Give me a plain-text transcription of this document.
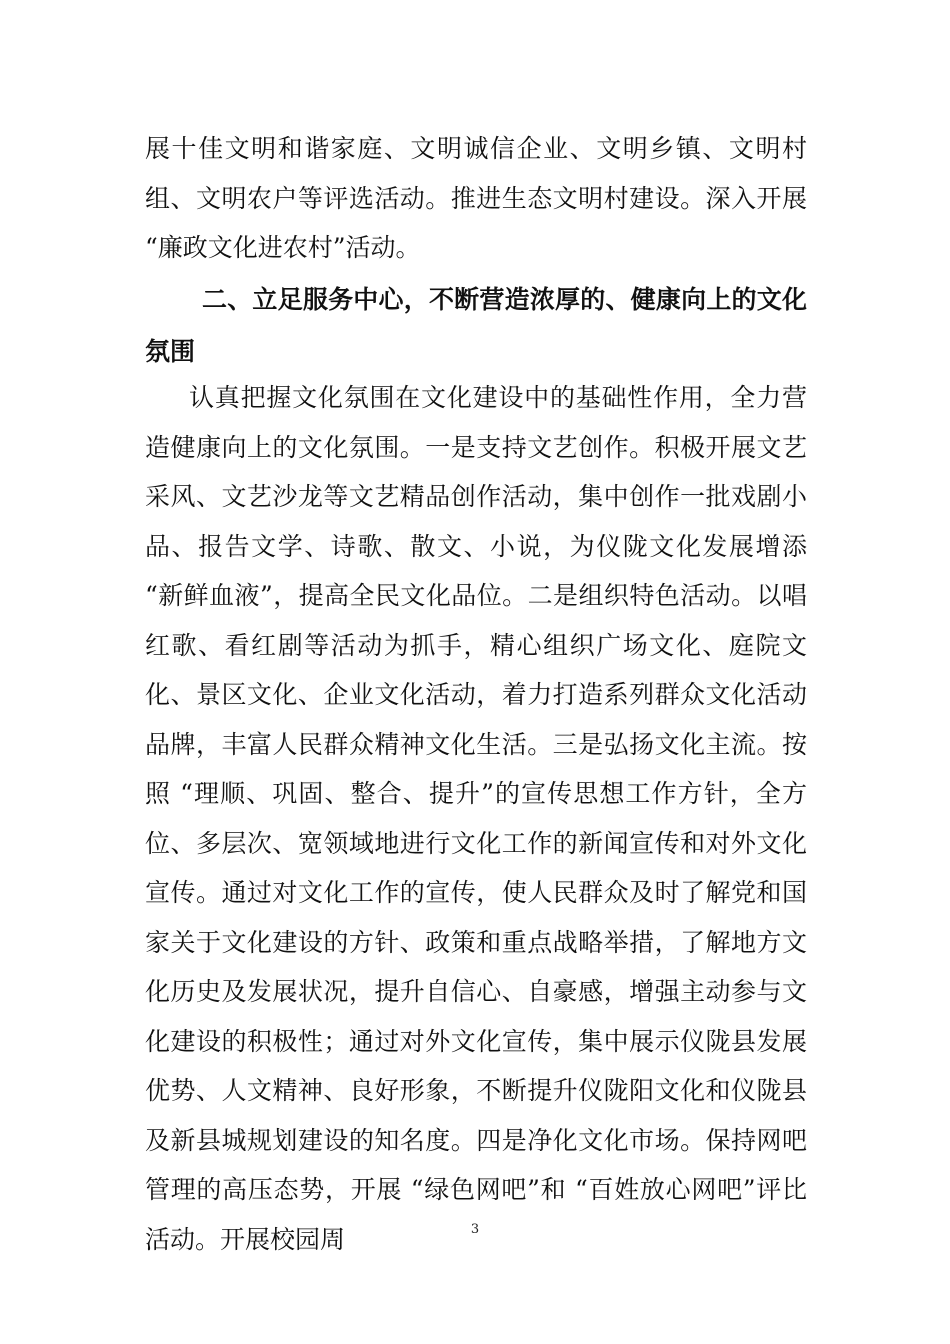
展十佳文明和谐家庭、文明诚信企业、文明乡镇、文明村组、文明农户等评选活动。推进生态文明村建设。深入开展 “廉政文化进农村”活动。

二、立足服务中心，不断营造浓厚的、健康向上的文化氛围

认真把握文化氛围在文化建设中的基础性作用，全力营造健康向上的文化氛围。一是支持文艺创作。积极开展文艺采风、文艺沙龙等文艺精品创作活动，集中创作一批戏剧小品、报告文学、诗歌、散文、小说，为仪陇文化发展增添 “新鲜血液”，提高全民文化品位。二是组织特色活动。以唱红歌、看红剧等活动为抓手，精心组织广场文化、庭院文化、景区文化、企业文化活动，着力打造系列群众文化活动品牌，丰富人民群众精神文化生活。三是弘扬文化主流。按照 “理顺、巩固、整合、提升”的宣传思想工作方针，全方位、多层次、宽领域地进行文化工作的新闻宣传和对外文化宣传。通过对文化工作的宣传，使人民群众及时了解党和国家关于文化建设的方针、政策和重点战略举措，了解地方文化历史及发展状况，提升自信心、自豪感，增强主动参与文化建设的积极性；通过对外文化宣传，集中展示仪陇县发展优势、人文精神、良好形象，不断提升仪陇阳文化和仪陇县及新县城规划建设的知名度。四是净化文化市场。保持网吧管理的高压态势，开展 “绿色网吧”和 “百姓放心网吧”评比活动。开展校园周	3
